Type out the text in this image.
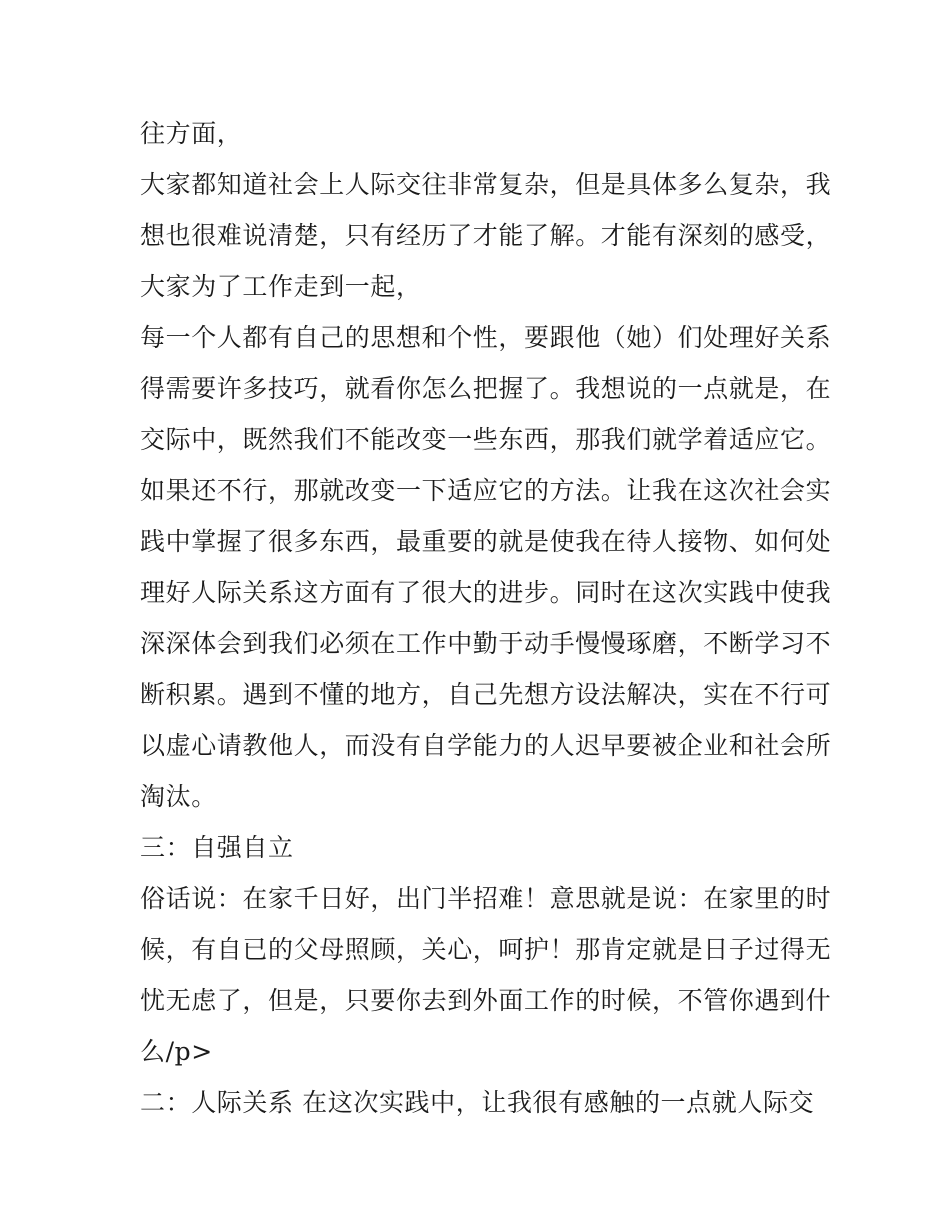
往方面，
大家都知道社会上人际交往非常复杂，但是具体多么复杂，我
想也很难说清楚，只有经历了才能了解。才能有深刻的感受，
大家为了工作走到一起，
每一个人都有自己的思想和个性，要跟他（她）们处理好关系
得需要许多技巧，就看你怎么把握了。我想说的一点就是，在
交际中，既然我们不能改变一些东西，那我们就学着适应它。
如果还不行，那就改变一下适应它的方法。让我在这次社会实
践中掌握了很多东西，最重要的就是使我在待人接物、如何处
理好人际关系这方面有了很大的进步。同时在这次实践中使我
深深体会到我们必须在工作中勤于动手慢慢琢磨，不断学习不
断积累。遇到不懂的地方，自己先想方设法解决，实在不行可
以虚心请教他人，而没有自学能力的人迟早要被企业和社会所
淘汰。
三：自强自立
俗话说：在家千日好，出门半招难！意思就是说：在家里的时
候，有自已的父母照顾，关心，呵护！那肯定就是日子过得无
忧无虑了，但是，只要你去到外面工作的时候，不管你遇到什
么/p>
二：人际关系 在这次实践中，让我很有感触的一点就人际交
